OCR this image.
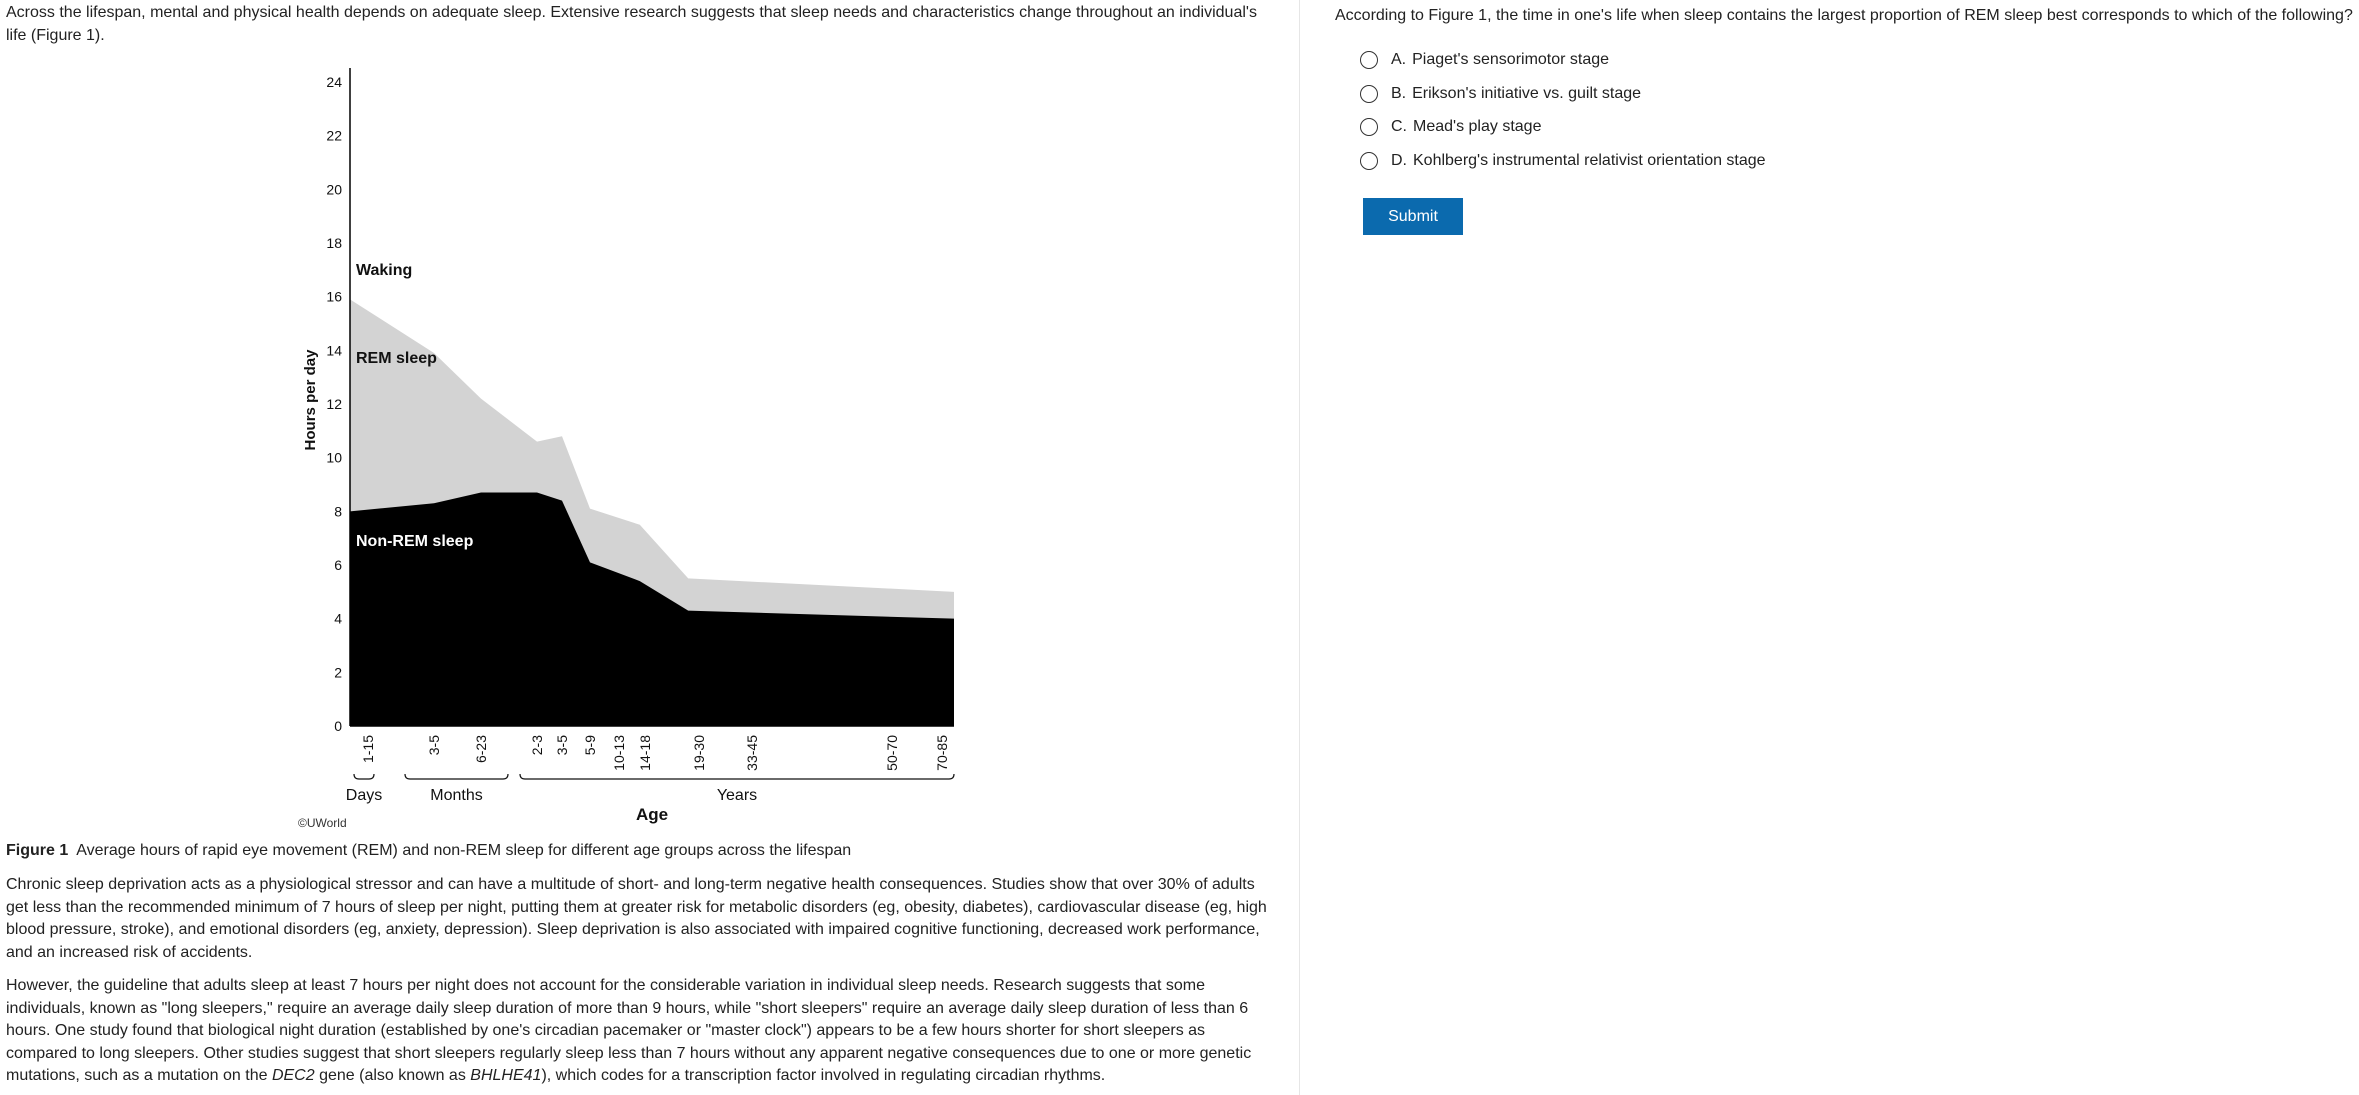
Across the lifespan, mental and physical health depends on adequate sleep. Extensive research suggests that sleep needs and characteristics change throughout an individual's life (Figure 1).

0
2
4
6
8
10
12
14
16
18
20
22
24
1-15	3-5 6-23	2-3 3-5 5-9 10-13 14-18	19-30	33-45	50-70 70-85
Days	Months	Years
Hours per day
Age
Waking
REM sleep
Non-REM sleep
©UWorld

Figure 1 Average hours of rapid eye movement (REM) and non-REM sleep for different age groups across the lifespan

Chronic sleep deprivation acts as a physiological stressor and can have a multitude of short- and long-term negative health consequences. Studies show that over 30% of adults get less than the recommended minimum of 7 hours of sleep per night, putting them at greater risk for metabolic disorders (eg, obesity, diabetes), cardiovascular disease (eg, high blood pressure, stroke), and emotional disorders (eg, anxiety, depression). Sleep deprivation is also associated with impaired cognitive functioning, decreased work performance, and an increased risk of accidents.

However, the guideline that adults sleep at least 7 hours per night does not account for the considerable variation in individual sleep needs. Research suggests that some individuals, known as "long sleepers," require an average daily sleep duration of more than 9 hours, while "short sleepers" require an average daily sleep duration of less than 6 hours. One study found that biological night duration (established by one's circadian pacemaker or "master clock") appears to be a few hours shorter for short sleepers as compared to long sleepers. Other studies suggest that short sleepers regularly sleep less than 7 hours without any apparent negative consequences due to one or more genetic mutations, such as a mutation on the DEC2 gene (also known as BHLHE41), which codes for a transcription factor involved in regulating circadian rhythms.

According to Figure 1, the time in one's life when sleep contains the largest proportion of REM sleep best corresponds to which of the following?

A. Piaget's sensorimotor stage
B. Erikson's initiative vs. guilt stage
C. Mead's play stage
D. Kohlberg's instrumental relativist orientation stage
Submit
